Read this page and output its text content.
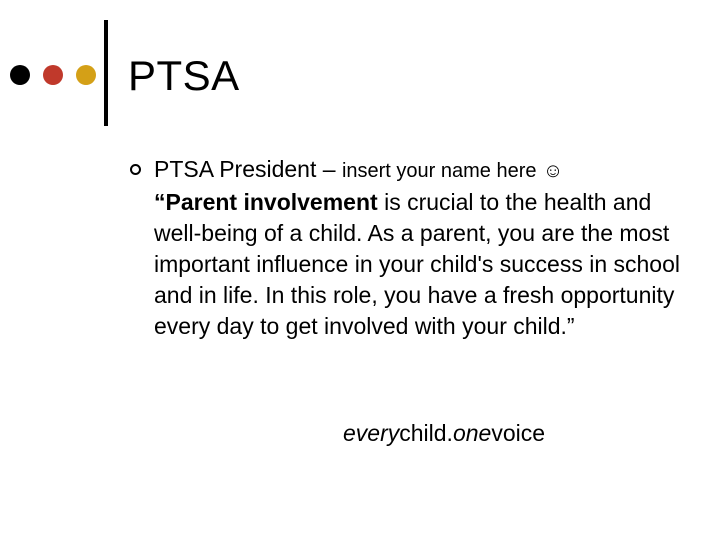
PTSA
PTSA President – insert your name here ☺
“Parent involvement is crucial to the health and well-being of a child. As a parent, you are the most important influence in your child's success in school and in life. In this role, you have a fresh opportunity every day to get involved with your child.”
everychild.onevoice
